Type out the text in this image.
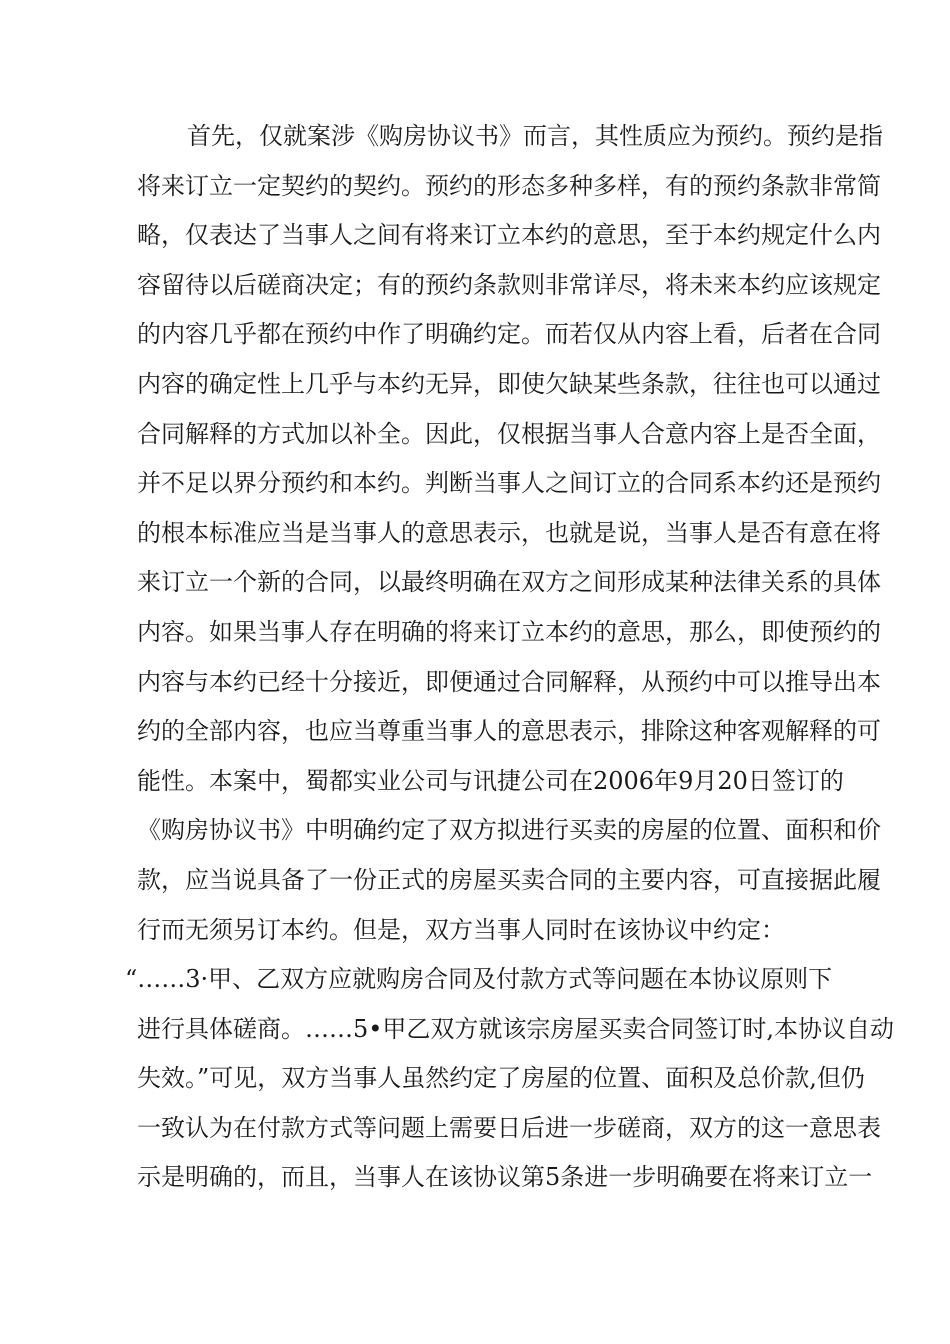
首先，仅就案涉《购房协议书》而言，其性质应为预约。预约是指
将来订立一定契约的契约。预约的形态多种多样，有的预约条款非常简
略，仅表达了当事人之间有将来订立本约的意思，至于本约规定什么内
容留待以后磋商决定；有的预约条款则非常详尽，将未来本约应该规定
的内容几乎都在预约中作了明确约定。而若仅从内容上看，后者在合同
内容的确定性上几乎与本约无异，即使欠缺某些条款，往往也可以通过
合同解释的方式加以补全。因此，仅根据当事人合意内容上是否全面，
并不足以界分预约和本约。判断当事人之间订立的合同系本约还是预约
的根本标准应当是当事人的意思表示，也就是说，当事人是否有意在将
来订立一个新的合同，以最终明确在双方之间形成某种法律关系的具体
内容。如果当事人存在明确的将来订立本约的意思，那么，即使预约的
内容与本约已经十分接近，即便通过合同解释，从预约中可以推导出本
约的全部内容，也应当尊重当事人的意思表示，排除这种客观解释的可
能性。本案中，蜀都实业公司与讯捷公司在2006年9月20日签订的
《购房协议书》中明确约定了双方拟进行买卖的房屋的位置、面积和价
款，应当说具备了一份正式的房屋买卖合同的主要内容，可直接据此履
行而无须另订本约。但是，双方当事人同时在该协议中约定：
“……3·甲、乙双方应就购房合同及付款方式等问题在本协议原则下
进行具体磋商。……5•甲乙双方就该宗房屋买卖合同签订时,本协议自动
失效。”可见，双方当事人虽然约定了房屋的位置、面积及总价款,但仍
一致认为在付款方式等问题上需要日后进一步磋商，双方的这一意思表
示是明确的，而且，当事人在该协议第5条进一步明确要在将来订立一
